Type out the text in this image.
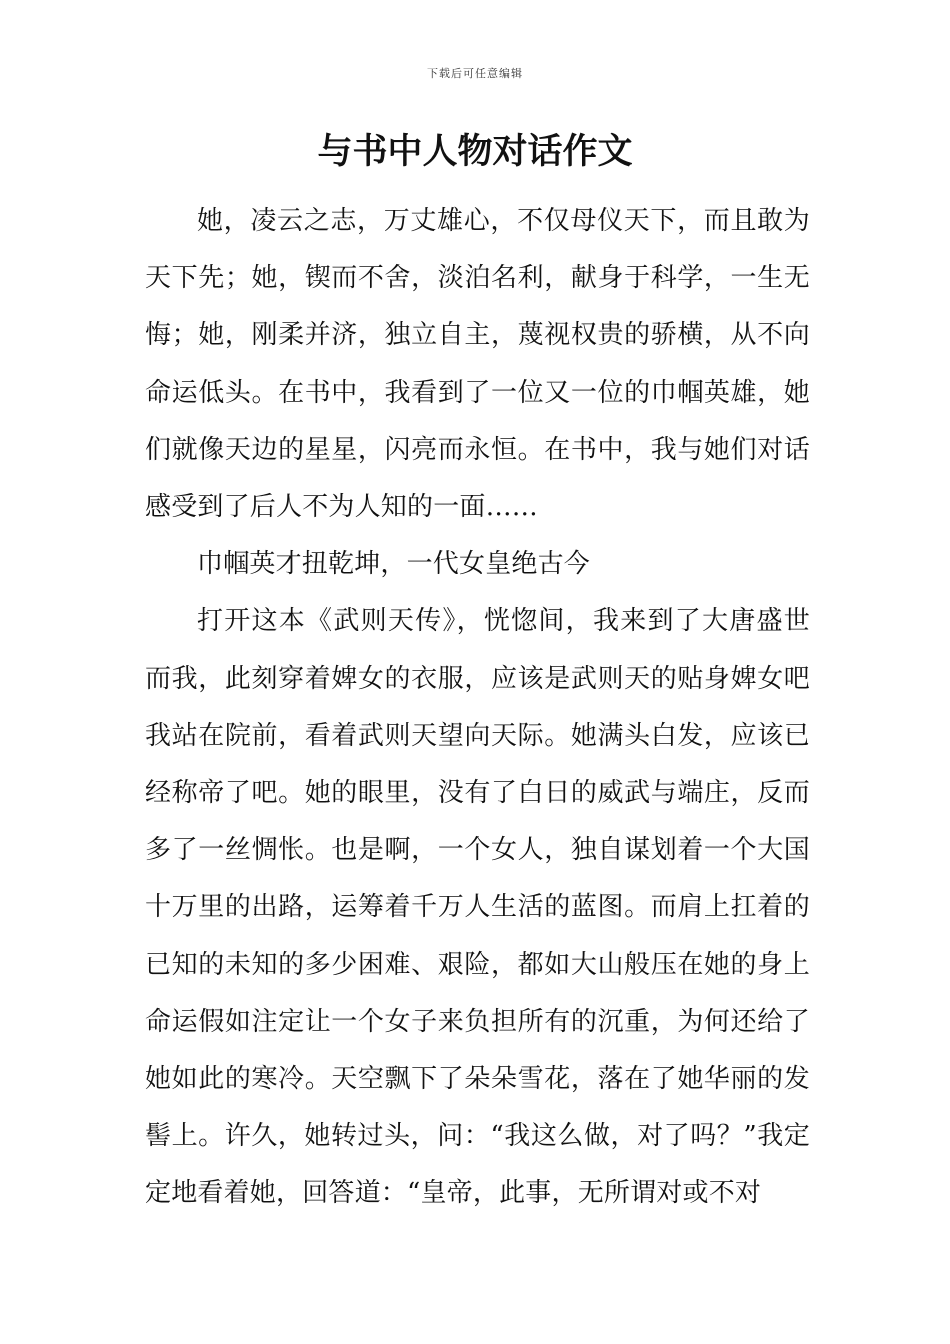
下载后可任意编辑
与书中人物对话作文

她，凌云之志，万丈雄心，不仅母仪天下，而且敢为天下先；她，锲而不舍，淡泊名利，献身于科学，一生无悔；她，刚柔并济，独立自主，蔑视权贵的骄横，从不向命运低头。在书中，我看到了一位又一位的巾帼英雄，她们就像天边的星星，闪亮而永恒。在书中，我与她们对话感受到了后人不为人知的一面……

巾帼英才扭乾坤，一代女皇绝古今

打开这本《武则天传》，恍惚间，我来到了大唐盛世而我，此刻穿着婢女的衣服，应该是武则天的贴身婢女吧我站在院前，看着武则天望向天际。她满头白发，应该已经称帝了吧。她的眼里，没有了白日的威武与端庄，反而多了一丝惆怅。也是啊，一个女人，独自谋划着一个大国十万里的出路，运筹着千万人生活的蓝图。而肩上扛着的已知的未知的多少困难、艰险，都如大山般压在她的身上命运假如注定让一个女子来负担所有的沉重，为何还给了她如此的寒冷。天空飘下了朵朵雪花，落在了她华丽的发髻上。许久，她转过头，问：“我这么做，对了吗？”我定定地看着她，回答道：“皇帝，此事，无所谓对或不对
